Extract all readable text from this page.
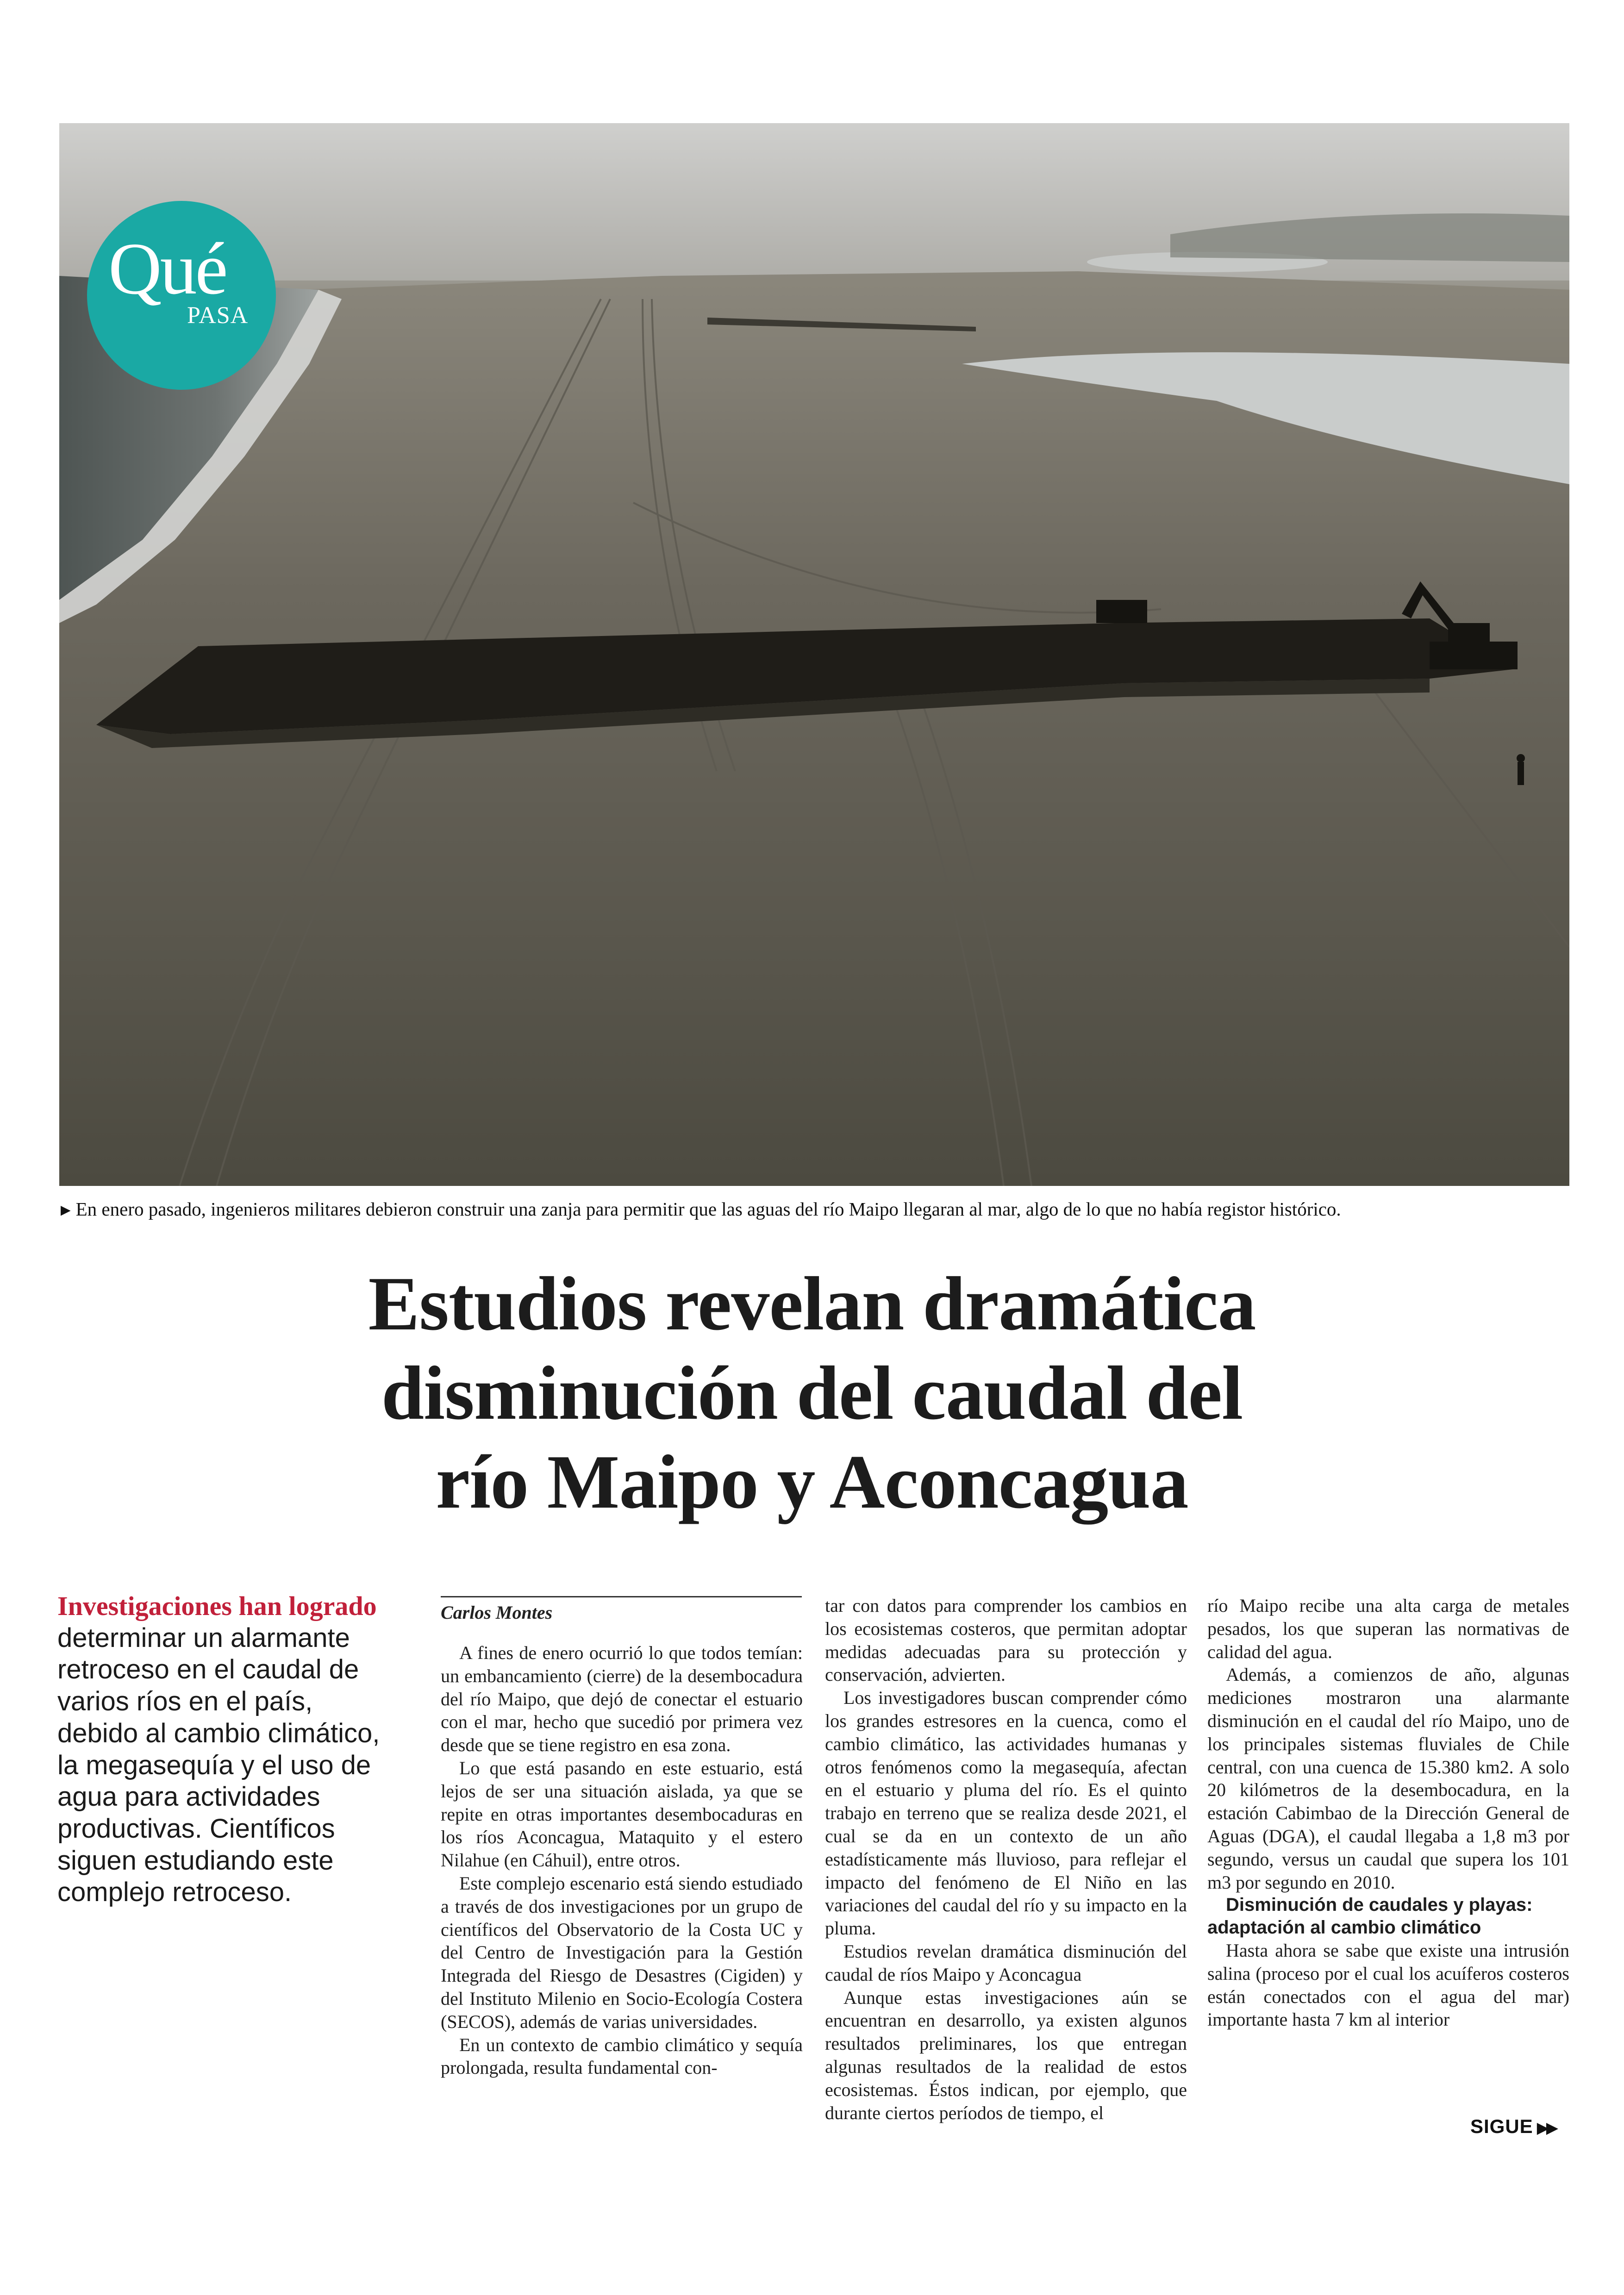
Qué
PASA
►En enero pasado, ingenieros militares debieron construir una zanja para permitir que las aguas del río Maipo llegaran al mar, algo de lo que no había registor histórico.
Estudios revelan dramática
disminución del caudal del
río Maipo y Aconcagua
Investigaciones han logrado determinar un alarmante retroceso en el caudal de varios ríos en el país, debido al cambio climático, la megasequía y el uso de agua para actividades productivas. Científicos siguen estudiando este complejo retroceso.
Carlos Montes

A fines de enero ocurrió lo que todos temían: un embancamiento (cierre) de la desembocadura del río Maipo, que dejó de conectar el estuario con el mar, hecho que sucedió por primera vez desde que se tiene registro en esa zona.

Lo que está pasando en este estuario, está lejos de ser una situación aislada, ya que se repite en otras importantes desembocaduras en los ríos Aconcagua, Mataquito y el estero Nilahue (en Cáhuil), entre otros.

Este complejo escenario está siendo estudiado a través de dos investigaciones por un grupo de científicos del Observatorio de la Costa UC y del Centro de Investigación para la Gestión Integrada del Riesgo de Desastres (Cigiden) y del Instituto Milenio en Socio-Ecología Costera (SECOS), además de varias universidades.

En un contexto de cambio climático y sequía prolongada, resulta fundamental con-

tar con datos para comprender los cambios en los ecosistemas costeros, que permitan adoptar medidas adecuadas para su protección y conservación, advierten.

Los investigadores buscan comprender cómo los grandes estresores en la cuenca, como el cambio climático, las actividades humanas y otros fenómenos como la megasequía, afectan en el estuario y pluma del río. Es el quinto trabajo en terreno que se realiza desde 2021, el cual se da en un contexto de un año estadísticamente más lluvioso, para reflejar el impacto del fenómeno de El Niño en las variaciones del caudal del río y su impacto en la pluma.

Estudios revelan dramática disminución del caudal de ríos Maipo y Aconcagua

Aunque estas investigaciones aún se encuentran en desarrollo, ya existen algunos resultados preliminares, los que entregan algunas resultados de la realidad de estos ecosistemas. Éstos indican, por ejemplo, que durante ciertos períodos de tiempo, el

río Maipo recibe una alta carga de metales pesados, los que superan las normativas de calidad del agua.

Además, a comienzos de año, algunas mediciones mostraron una alarmante disminución en el caudal del río Maipo, uno de los principales sistemas fluviales de Chile central, con una cuenca de 15.380 km2. A solo 20 kilómetros de la desembocadura, en la estación Cabimbao de la Dirección General de Aguas (DGA), el caudal llegaba a 1,8 m3 por segundo, versus un caudal que supera los 101 m3 por segundo en 2010.

Disminución de caudales y playas: adaptación al cambio climático

Hasta ahora se sabe que existe una intrusión salina (proceso por el cual los acuíferos costeros están conectados con el agua del mar) importante hasta 7 km al interior

SIGUE ▶▶
